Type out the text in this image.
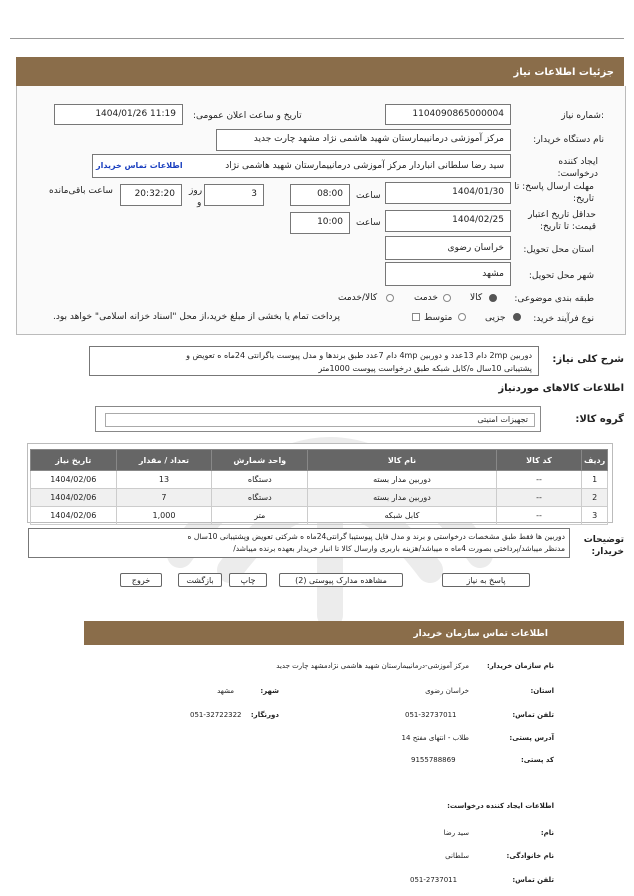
جزئیات اطلاعات نیاز
شماره نیاز:
1104090865000004
تاریخ و ساعت اعلان عمومی:
1404/01/26 11:19
نام دستگاه خریدار:
مرکز آموزشی درمانییمارستان شهید هاشمی نژاد مشهد چارت جدید
ایجاد کننده
درخواست:
سید رضا سلطانی انباردار مرکز آموزشی درمانییمارستان شهید هاشمی نژاد
اطلاعات تماس خریدار
مهلت ارسال پاسخ: تا
تاریخ:
1404/01/30
ساعت
08:00
3
روز
و
20:32:20
ساعت باقی‌مانده
حداقل تاریخ اعتبار
قیمت: تا تاریخ:
1404/02/25
ساعت
10:00
استان محل تحویل:
خراسان رضوی
شهر محل تحویل:
مشهد
طبقه بندی موضوعی:
کالا
خدمت
کالا/خدمت
نوع فرآیند خرید:
جزیی
متوسط
پرداخت تمام یا بخشی از مبلغ خرید،از محل "اسناد خزانه اسلامی" خواهد بود.
شرح کلی نیاز:
دوربین 2mp دام 13عدد و دوربین 4mp دام 7عدد طبق برندها و مدل پیوست باگرانتی 24ماه ه تعویض و
پشتیبانی 10سال ه/کابل شبکه طبق درخواست پیوست 1000متر
اطلاعات کالاهای موردنیاز
گروه کالا:
تجهیزات امنیتی
ردیف	کد کالا	نام کالا	واحد شمارش	تعداد / مقدار	تاریخ نیاز
1	--	دوربین مدار بسته	دستگاه	13	1404/02/06
2	--	دوربین مدار بسته	دستگاه	7	1404/02/06
3	--	کابل شبکه	متر	1,000	1404/02/06
توضیحات
خریدار:
دوربین ها فقط طبق مشخصات درخواستی و برند و مدل فایل پیوستیبا گرانتی24ماه ه شرکتی تعویض وپشتیبانی 10سال ه
مدنظر میباشد/پرداختی بصورت 4ماه ه میباشد/هزینه باربری وارسال کالا تا انبار خریدار بعهده برنده میباشد/
پاسخ به نیاز
مشاهده مدارک پیوستی (2)
چاپ
بازگشت
خروج
اطلاعات تماس سازمان خریدار
نام سازمان خریدار:
مرکز آموزشی-درمانییمارستان شهید هاشمی نژادمشهد چارت جدید
استان:
خراسان رضوی
شهر:
مشهد
تلفن تماس:
051-32737011
دورنگار:
051-32722322
آدرس پستی:
طلاب - انتهای مفتح 14
کد پستی:
9155788869
اطلاعات ایجاد کننده درخواست:
نام:
سید رضا
نام خانوادگی:
سلطانی
تلفن تماس:
051-2737011
